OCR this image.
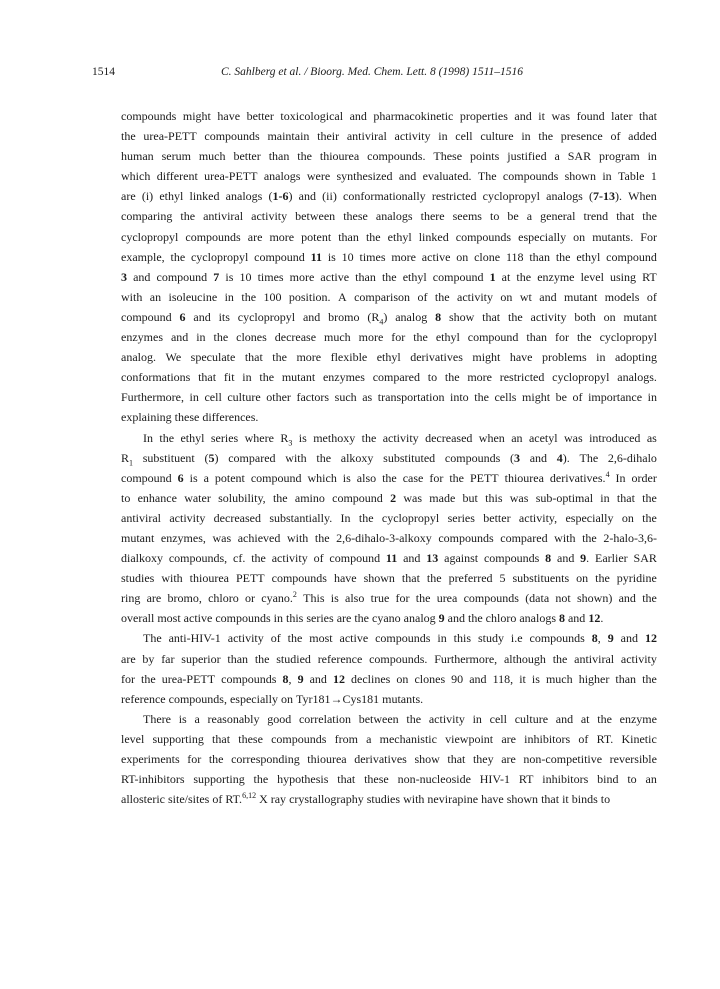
1514	C. Sahlberg et al. / Bioorg. Med. Chem. Lett. 8 (1998) 1511–1516
compounds might have better toxicological and pharmacokinetic properties and it was found later that
the urea-PETT compounds maintain their antiviral activity in cell culture in the presence of added
human serum much better than the thiourea compounds. These points justified a SAR program in
which different urea-PETT analogs were synthesized and evaluated. The compounds shown in Table 1
are (i) ethyl linked analogs (1-6) and (ii) conformationally restricted cyclopropyl analogs (7-13). When
comparing the antiviral activity between these analogs there seems to be a general trend that the
cyclopropyl compounds are more potent than the ethyl linked compounds especially on mutants. For
example, the cyclopropyl compound 11 is 10 times more active on clone 118 than the ethyl compound
3 and compound 7 is 10 times more active than the ethyl compound 1 at the enzyme level using RT
with an isoleucine in the 100 position. A comparison of the activity on wt and mutant models of
compound 6 and its cyclopropyl and bromo $(R_4)$ analog 8 show that the activity both on mutant
enzymes and in the clones decrease much more for the ethyl compound than for the cyclopropyl
analog. We speculate that the more flexible ethyl derivatives might have problems in adopting
conformations that fit in the mutant enzymes compared to the more restricted cyclopropyl analogs.
Furthermore, in cell culture other factors such as transportation into the cells might be of importance in
explaining
these
differences.
In the ethyl series where $R_3$ is methoxy the activity decreased when an acetyl was introduced as
$R_1$ substituent (5) compared with the alkoxy substituted compounds (3 and 4). The 2,6-dihalo
compound 6 is a potent compound which is also the case for the PETT thiourea derivatives.$^4$ In order
to enhance water solubility, the amino compound 2 was made but this was sub-optimal in that the
antiviral activity decreased substantially. In the cyclopropyl series better activity, especially on the
mutant enzymes, was achieved with the 2,6-dihalo-3-alkoxy compounds compared with the 2-halo-3,6-
dialkoxy compounds, cf. the activity of compound 11 and 13 against compounds 8 and 9. Earlier SAR
studies with thiourea PETT compounds have shown that the preferred 5 substituents on the pyridine
ring are bromo, chloro or cyano.$^2$ This is also true for the urea compounds (data not shown) and the
overall
most
active
compounds
in
this
series
are
the
cyano
analog
9
and
the
chloro
analogs
8
and
12.
The anti-HIV-1 activity of the most active compounds in this study i.e compounds 8, 9 and 12
are by far superior than the studied reference compounds. Furthermore, although the antiviral activity
for the urea-PETT compounds 8, 9 and 12 declines on clones 90 and 118, it is much higher than the
reference
compounds,
especially
on
Tyr181→Cys181
mutants.
There is a reasonably good correlation between the activity in cell culture and at the enzyme
level supporting that these compounds from a mechanistic viewpoint are inhibitors of RT. Kinetic
experiments for the corresponding thiourea derivatives show that they are non-competitive reversible
RT-inhibitors supporting the hypothesis that these non-nucleoside HIV-1 RT inhibitors bind to an
allosteric
site/sites
of
RT.$^{6,12}$
X
ray
crystallography
studies
with
nevirapine
have
shown
that
it
binds
to
